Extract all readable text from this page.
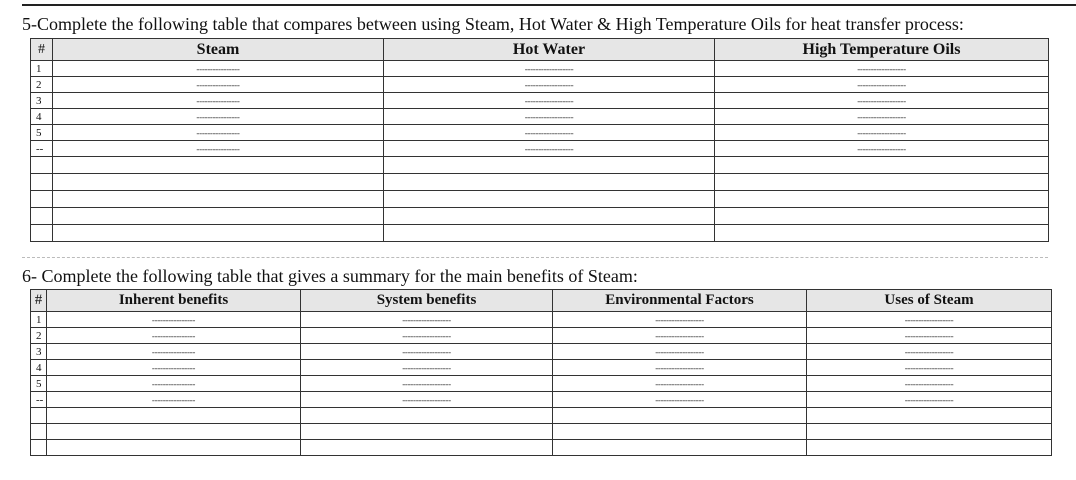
5-Complete the following table that compares between using Steam, Hot Water & High Temperature Oils for heat transfer process:
#	Steam	Hot Water	High Temperature Oils
1	----------------	------------------	------------------
2	----------------	------------------	------------------
3	----------------	------------------	------------------
4	----------------	------------------	------------------
5	----------------	------------------	------------------
--	----------------	------------------	------------------

6- Complete the following table that gives a summary for the main benefits of Steam:
#	Inherent benefits	System benefits	Environmental Factors	Uses of Steam
1	----------------	------------------	------------------	------------------
2	----------------	------------------	------------------	------------------
3	----------------	------------------	------------------	------------------
4	----------------	------------------	------------------	------------------
5	----------------	------------------	------------------	------------------
--	----------------	------------------	------------------	------------------
